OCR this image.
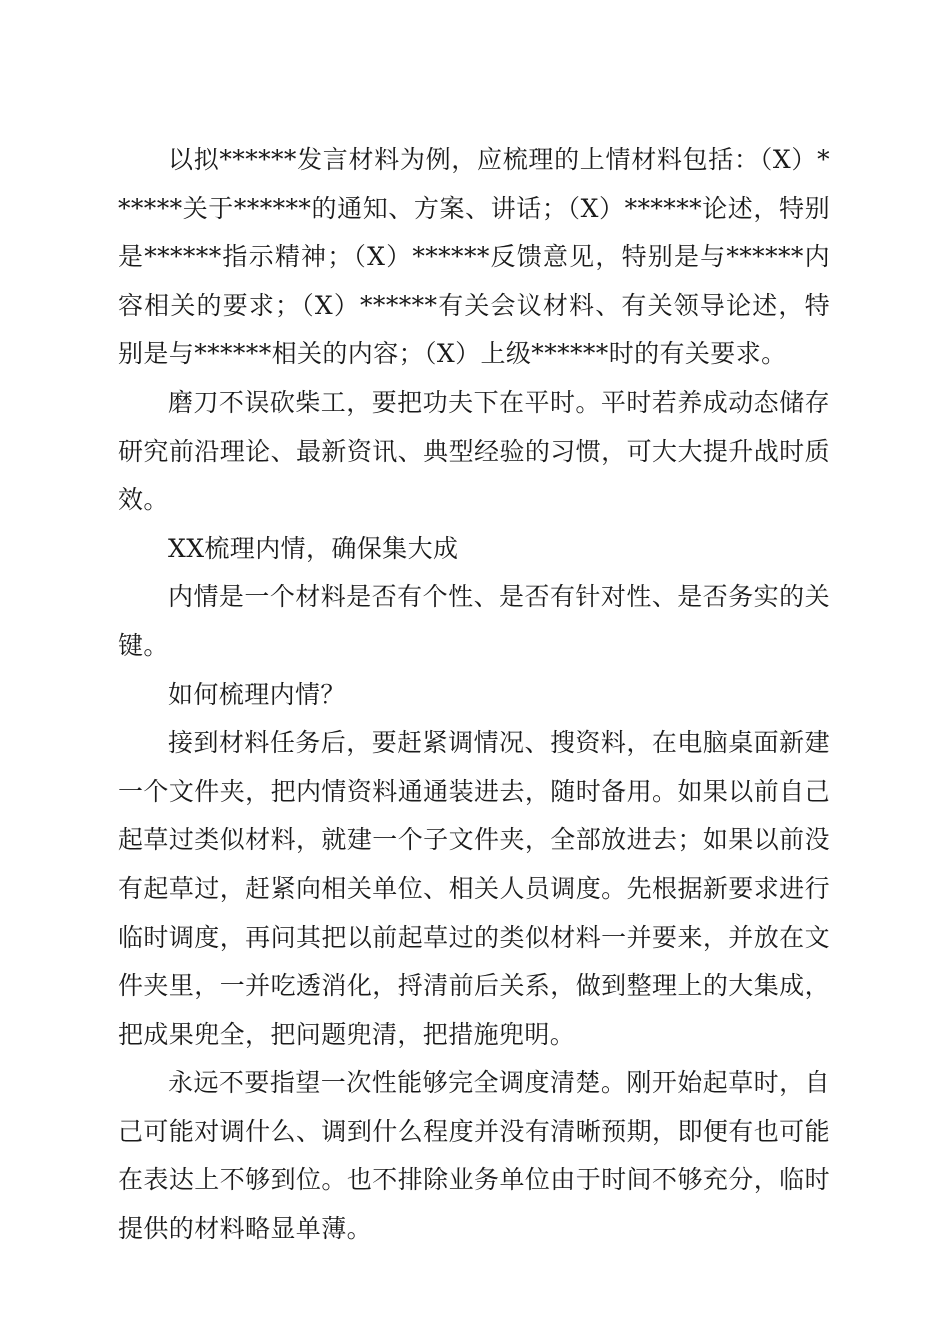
以拟******发言材料为例，应梳理的上情材料包括：（X）******关于******的通知、方案、讲话；（X）******论述，特别是******指示精神；（X）******反馈意见，特别是与******内容相关的要求；（X）******有关会议材料、有关领导论述，特别是与******相关的内容；（X）上级******时的有关要求。

磨刀不误砍柴工，要把功夫下在平时。平时若养成动态储存研究前沿理论、最新资讯、典型经验的习惯，可大大提升战时质效。

XX梳理内情，确保集大成

内情是一个材料是否有个性、是否有针对性、是否务实的关键。

如何梳理内情？

接到材料任务后，要赶紧调情况、搜资料，在电脑桌面新建一个文件夹，把内情资料通通装进去，随时备用。如果以前自己起草过类似材料，就建一个子文件夹，全部放进去；如果以前没有起草过，赶紧向相关单位、相关人员调度。先根据新要求进行临时调度，再问其把以前起草过的类似材料一并要来，并放在文件夹里，一并吃透消化，捋清前后关系，做到整理上的大集成，把成果兜全，把问题兜清，把措施兜明。

永远不要指望一次性能够完全调度清楚。刚开始起草时，自己可能对调什么、调到什么程度并没有清晰预期，即便有也可能在表达上不够到位。也不排除业务单位由于时间不够充分，临时提供的材料略显单薄。
